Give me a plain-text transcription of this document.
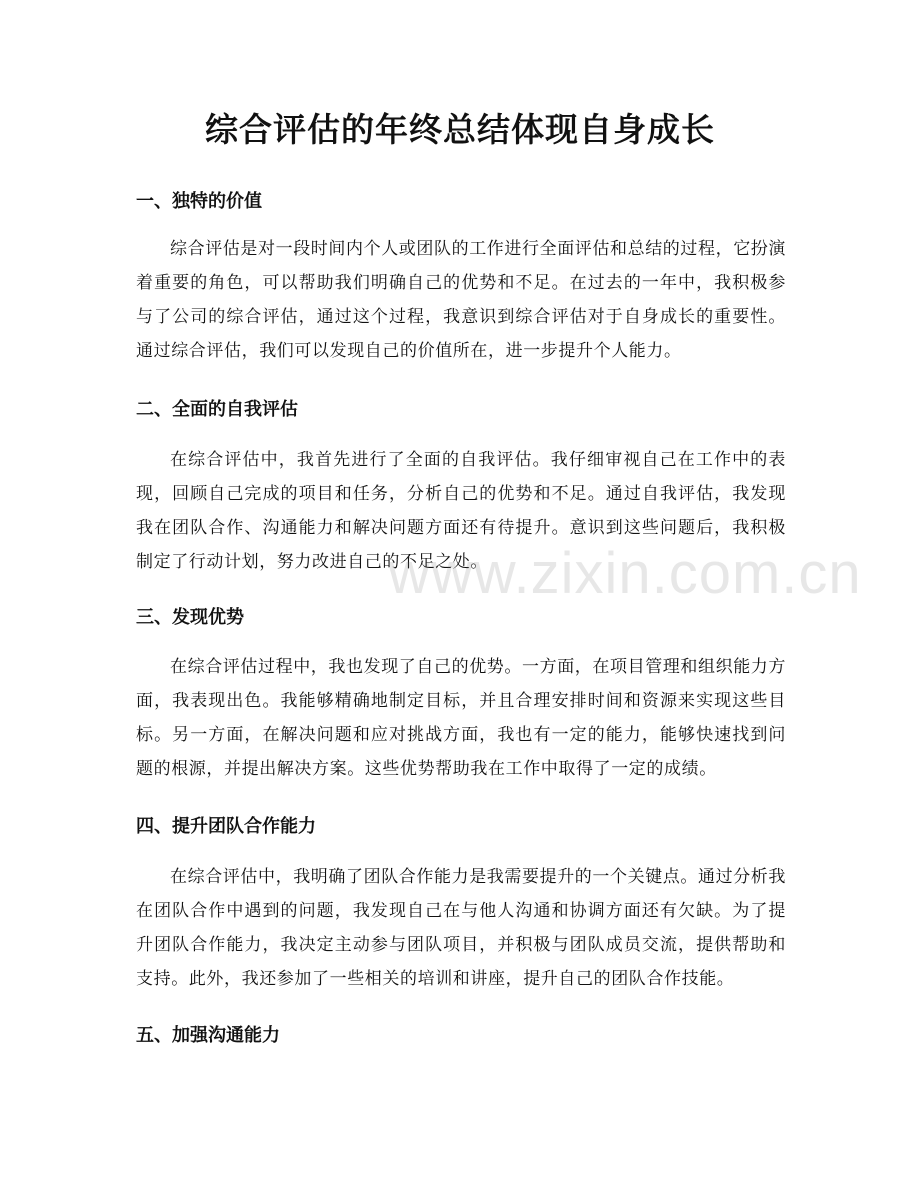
综合评估的年终总结体现自身成长
一、独特的价值

综合评估是对一段时间内个人或团队的工作进行全面评估和总结的过程，它扮演着重要的角色，可以帮助我们明确自己的优势和不足。在过去的一年中，我积极参与了公司的综合评估，通过这个过程，我意识到综合评估对于自身成长的重要性。通过综合评估，我们可以发现自己的价值所在，进一步提升个人能力。

二、全面的自我评估

在综合评估中，我首先进行了全面的自我评估。我仔细审视自己在工作中的表现，回顾自己完成的项目和任务，分析自己的优势和不足。通过自我评估，我发现我在团队合作、沟通能力和解决问题方面还有待提升。意识到这些问题后，我积极制定了行动计划，努力改进自己的不足之处。

三、发现优势

在综合评估过程中，我也发现了自己的优势。一方面，在项目管理和组织能力方面，我表现出色。我能够精确地制定目标，并且合理安排时间和资源来实现这些目标。另一方面，在解决问题和应对挑战方面，我也有一定的能力，能够快速找到问题的根源，并提出解决方案。这些优势帮助我在工作中取得了一定的成绩。

四、提升团队合作能力

在综合评估中，我明确了团队合作能力是我需要提升的一个关键点。通过分析我在团队合作中遇到的问题，我发现自己在与他人沟通和协调方面还有欠缺。为了提升团队合作能力，我决定主动参与团队项目，并积极与团队成员交流，提供帮助和支持。此外，我还参加了一些相关的培训和讲座，提升自己的团队合作技能。

五、加强沟通能力
www.zixin.com.cn
